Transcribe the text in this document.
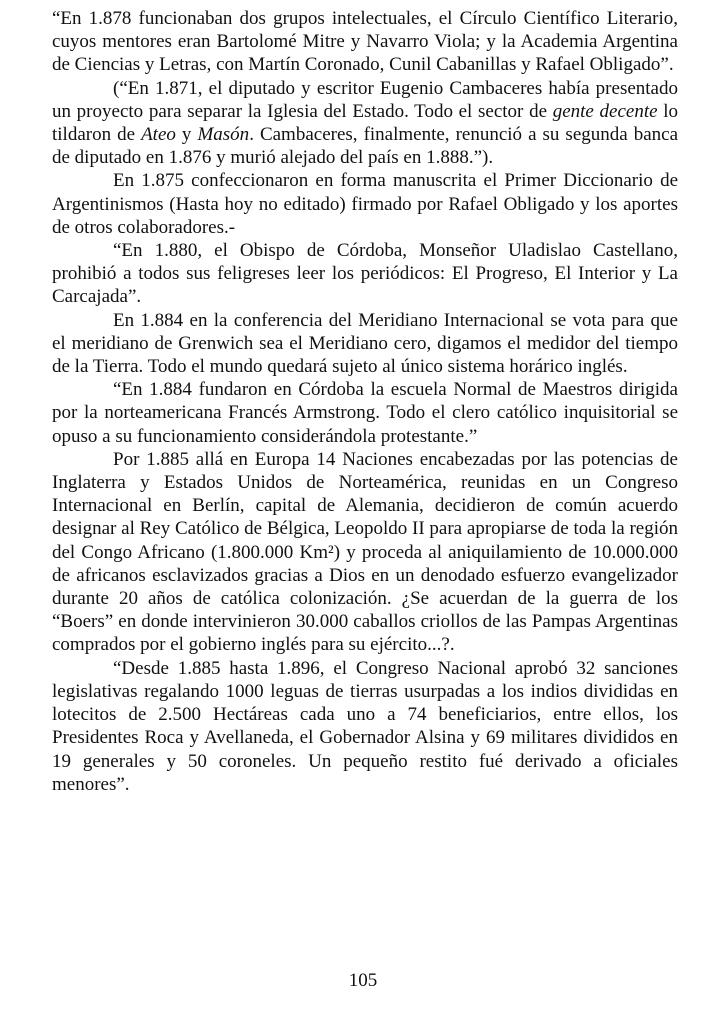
“En 1.878 funcionaban dos grupos intelectuales, el Círculo Científico Literario, cuyos mentores eran Bartolomé Mitre y Navarro Viola; y la Academia Argentina de Ciencias y Letras, con Martín Coronado, Cunil Cabanillas y Rafael Obligado”.

(“En 1.871, el diputado y escritor Eugenio Cambaceres había presentado un proyecto para separar la Iglesia del Estado. Todo el sector de gente decente lo tildaron de Ateo y Masón. Cambaceres, finalmente, renunció a su segunda banca de diputado en 1.876 y murió alejado del país en 1.888.”).

En 1.875 confeccionaron en forma manuscrita el Primer Diccionario de Argentinismos (Hasta hoy no editado) firmado por Rafael Obligado y los aportes de otros colaboradores.-

“En 1.880, el Obispo de Córdoba, Monseñor Uladislao Castellano, prohibió a todos sus feligreses leer los periódicos: El Progreso, El Interior y La Carcajada”.

En 1.884 en la conferencia del Meridiano Internacional se vota para que el meridiano de Grenwich sea el Meridiano cero, digamos el medidor del tiempo de la Tierra. Todo el mundo quedará sujeto al único sistema horárico inglés.

“En 1.884 fundaron en Córdoba la escuela Normal de Maestros dirigida por la norteamericana Francés Armstrong. Todo el clero católico inquisitorial se opuso a su funcionamiento considerándola protestante.”

Por 1.885 allá en Europa 14 Naciones encabezadas por las potencias de Inglaterra y Estados Unidos de Norteamérica, reunidas en un Congreso Internacional en Berlín, capital de Alemania, decidieron de común acuerdo designar al Rey Católico de Bélgica, Leopoldo II para apropiarse de toda la región del Congo Africano (1.800.000 Km²) y proceda al aniquilamiento de 10.000.000 de africanos esclavizados gracias a Dios en un denodado esfuerzo evangelizador durante 20 años de católica colonización. ¿Se acuerdan de la guerra de los “Boers” en donde intervinieron 30.000 caballos criollos de las Pampas Argentinas comprados por el gobierno inglés para su ejército...?.

“Desde 1.885 hasta 1.896, el Congreso Nacional aprobó 32 sanciones legislativas regalando 1000 leguas de tierras usurpadas a los indios divididas en lotecitos de 2.500 Hectáreas cada uno a 74 beneficiarios, entre ellos, los Presidentes Roca y Avellaneda, el Gobernador Alsina y 69 militares divididos en 19 generales y 50 coroneles. Un pequeño restito fué derivado a oficiales menores”.

105
